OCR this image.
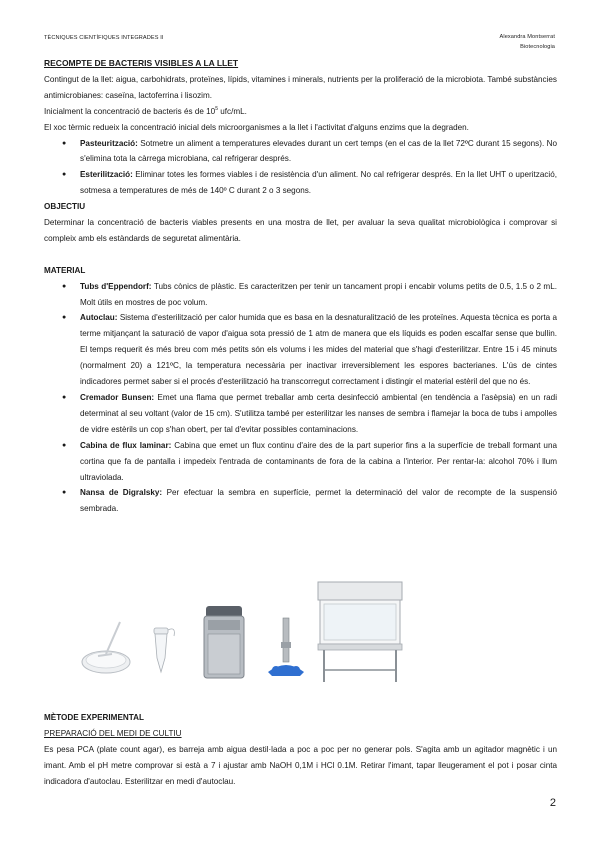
TÈCNIQUES CIENTÍFIQUES INTEGRADES II	Alexandra Montserrat
Biotecnologia

RECOMPTE DE BACTERIS VISIBLES A LA LLET

Contingut de la llet: aigua, carbohidrats, proteïnes, lípids, vitamines i minerals, nutrients per la proliferació de la microbiota. També substàncies antimicrobianes: caseïna, lactoferrina i lisozim.

Inicialment la concentració de bacteris és de $10^5$ ufc/mL.

El xoc tèrmic redueix la concentració inicial dels microorganismes a la llet i l'activitat d'alguns enzims que la degraden.

● Pasteurització: Sotmetre un aliment a temperatures elevades durant un cert temps (en el cas de la llet 72ºC durant 15 segons). No s'elimina tota la càrrega microbiana, cal refrigerar després.
● Esterilització: Eliminar totes les formes viables i de resistència d'un aliment. No cal refrigerar després. En la llet UHT o uperització, sotmesa a temperatures de més de 140º C durant 2 o 3 segons.

OBJECTIU

Determinar la concentració de bacteris viables presents en una mostra de llet, per avaluar la seva qualitat microbiològica i comprovar si compleix amb els estàndards de seguretat alimentària.

MATERIAL

● Tubs d'Eppendorf: Tubs cònics de plàstic. Es caracteritzen per tenir un tancament propi i encabir volums petits de 0.5, 1.5 o 2 mL. Molt útils en mostres de poc volum.
● Autoclau: Sistema d'esterilització per calor humida que es basa en la desnaturalització de les proteïnes. Aquesta tècnica es porta a terme mitjançant la saturació de vapor d'aigua sota pressió de 1 atm de manera que els líquids es poden escalfar sense que bullin. El temps requerit és més breu com més petits són els volums i les mides del material que s'hagi d'esterilitzar. Entre 15 i 45 minuts (normalment 20) a 121ºC, la temperatura necessària per inactivar irreversiblement les espores bacterianes. L'ús de cintes indicadores permet saber si el procés d'esterilització ha transcorregut correctament i distingir el material estèril del que no és.
● Cremador Bunsen: Emet una flama que permet treballar amb certa desinfecció ambiental (en tendència a l'asèpsia) en un radi determinat al seu voltant (valor de 15 cm). S'utilitza també per esterilitzar les nanses de sembra i flamejar la boca de tubs i ampolles de vidre estèrils un cop s'han obert, per tal d'evitar possibles contaminacions.
● Cabina de flux laminar: Cabina que emet un flux continu d'aire des de la part superior fins a la superfície de treball formant una cortina que fa de pantalla i impedeix l'entrada de contaminants de fora de la cabina a l'interior. Per rentar-la: alcohol 70% i llum ultraviolada.
● Nansa de Digralsky: Per efectuar la sembra en superfície, permet la determinació del valor de recompte de la suspensió sembrada.

MÈTODE EXPERIMENTAL

PREPARACIÓ DEL MEDI DE CULTIU

Es pesa PCA (plate count agar), es barreja amb aigua destil·lada a poc a poc per no generar pols. S'agita amb un agitador magnètic i un imant. Amb el pH metre comprovar si està a 7 i ajustar amb NaOH 0,1M i HCl 0.1M. Retirar l'imant, tapar lleugerament el pot i posar cinta indicadora d'autoclau. Esterilitzar en medi d'autoclau.

2
